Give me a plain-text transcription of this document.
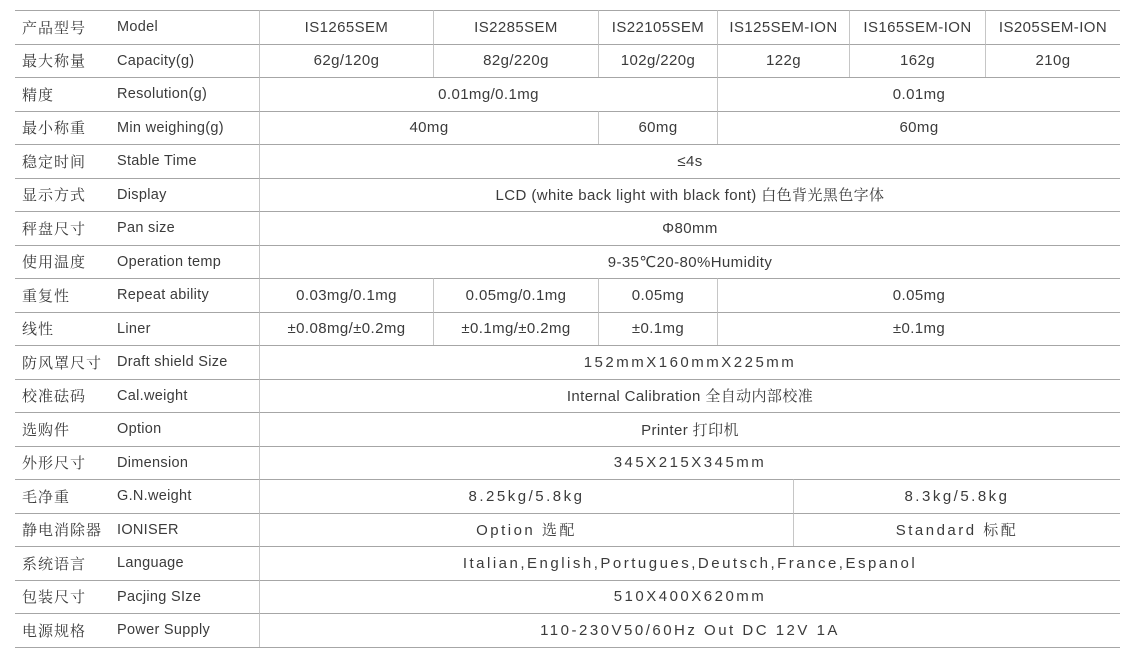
产品型号	Model	IS1265SEM	IS2285SEM	IS22105SEM	IS125SEM-ION	IS165SEM-ION	IS205SEM-ION
最大称量	Capacity(g)	62g/120g	82g/220g	102g/220g	122g	162g	210g
精度	Resolution(g)	0.01mg/0.1mg	0.01mg
最小称重	Min weighing(g)	40mg	60mg	60mg
稳定时间	Stable Time	≤4s
显示方式	Display	LCD (white back light with black font) 白色背光黑色字体
秤盘尺寸	Pan size	Φ80mm
使用温度	Operation temp	9-35℃20-80%Humidity
重复性	Repeat ability	0.03mg/0.1mg	0.05mg/0.1mg	0.05mg	0.05mg
线性	Liner	±0.08mg/±0.2mg	±0.1mg/±0.2mg	±0.1mg	±0.1mg
防风罩尺寸	Draft shield Size	152mmX160mmX225mm
校准砝码	Cal.weight	Internal Calibration 全自动内部校准
选购件	Option	Printer 打印机
外形尺寸	Dimension	345X215X345mm
毛净重	G.N.weight	8.25kg/5.8kg	8.3kg/5.8kg
静电消除器	IONISER	Option 选配	Standard 标配
系统语言	Language	Italian,English,Portugues,Deutsch,France,Espanol
包装尺寸	Pacjing SIze	510X400X620mm
电源规格	Power Supply	110-230V50/60Hz Out DC 12V 1A
